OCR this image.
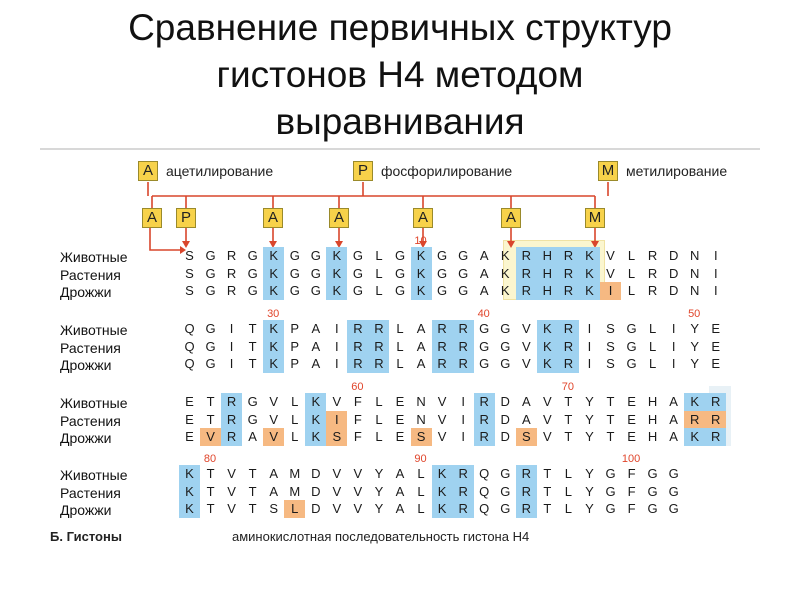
Сравнение первичных структур
гистонов Н4 методом
выравнивания
A ацетилирование	P фосфорилирование	M метилирование
A	P	A	A	A	A	M
10
Животные	S G R G K G G K G L G K G G A K R H R K V	L R D N	I
Растения	S G R G K G G K G L G K G G A K R H R K V	L R D N	I
Дрожжи	S G R G K G G K G L G K G G A K R H R K	I	L R D N	I
30	40	50
Животные	Q G	I	T K P A	I	R R L	A R R G G V K R	I	S G L	I	Y E
Растения	Q G	I	T K P A	I	R R L	A R R G G V K R	I	S G L	I	Y E
Дрожжи	Q G	I	T K P A	I	R R L	A R R G G V K R	I	S G L	I	Y E
60	70
Животные	E T R G V	L	K V F	L	E N V	I	R D A V T Y T E H A K R
Растения	E T R G V	L	K	I	F	L	E N V	I	R D A V T Y T E H A R R
Дрожжи	E V R A V	L	K S F	L	E S V	I	R D S V T Y T E H A K R
80	90	100
Животные	K T V T A M D V V Y A	L	K R Q G R T	L	Y G F G G
Растения	K T V T A M D V V Y A	L	K R Q G R T	L	Y G F G G
Дрожжи	K T V T S	L D V V Y A	L	K R Q G R T	L	Y G F G G
Б. Гистоны	аминокислотная последовательность гистона Н4
